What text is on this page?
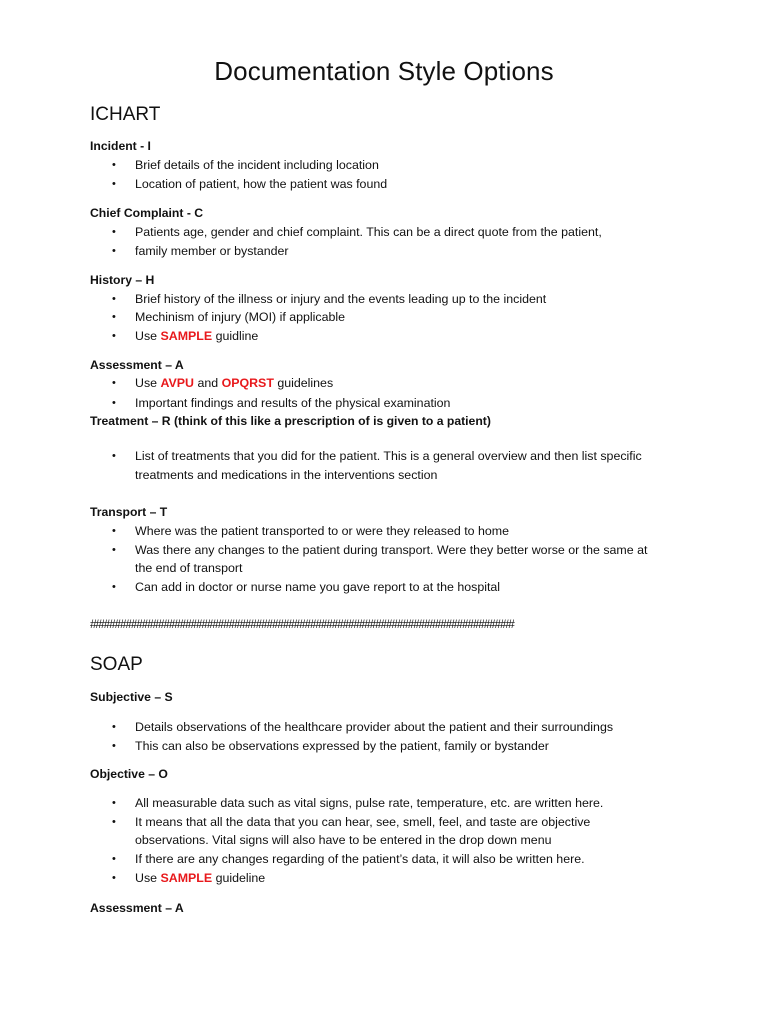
Documentation Style Options
ICHART
Incident - I
• Brief details of the incident including location
• Location of patient, how the patient was found
Chief Complaint - C
• Patients age, gender and chief complaint. This can be a direct quote from the patient,
• family member or bystander
History – H
• Brief history of the illness or injury and the events leading up to the incident
• Mechinism of injury (MOI) if applicable
• Use SAMPLE guidline
Assessment – A
• Use AVPU and OPQRST guidelines
• Important findings and results of the physical examination
Treatment – R (think of this like a prescription of is given to a patient)
• List of treatments that you did for the patient. This is a general overview and then list specific
treatments and medications in the interventions section
Transport – T
• Where was the patient transported to or were they released to home
• Was there any changes to the patient during transport. Were they better worse or the same at
the end of transport
• Can add in doctor or nurse name you gave report to at the hospital
##############################################################################
SOAP
Subjective – S
• Details observations of the healthcare provider about the patient and their surroundings
• This can also be observations expressed by the patient, family or bystander
Objective – O
• All measurable data such as vital signs, pulse rate, temperature, etc. are written here.
• It means that all the data that you can hear, see, smell, feel, and taste are objective
observations. Vital signs will also have to be entered in the drop down menu
• If there are any changes regarding of the patient’s data, it will also be written here.
• Use SAMPLE guideline
Assessment – A
